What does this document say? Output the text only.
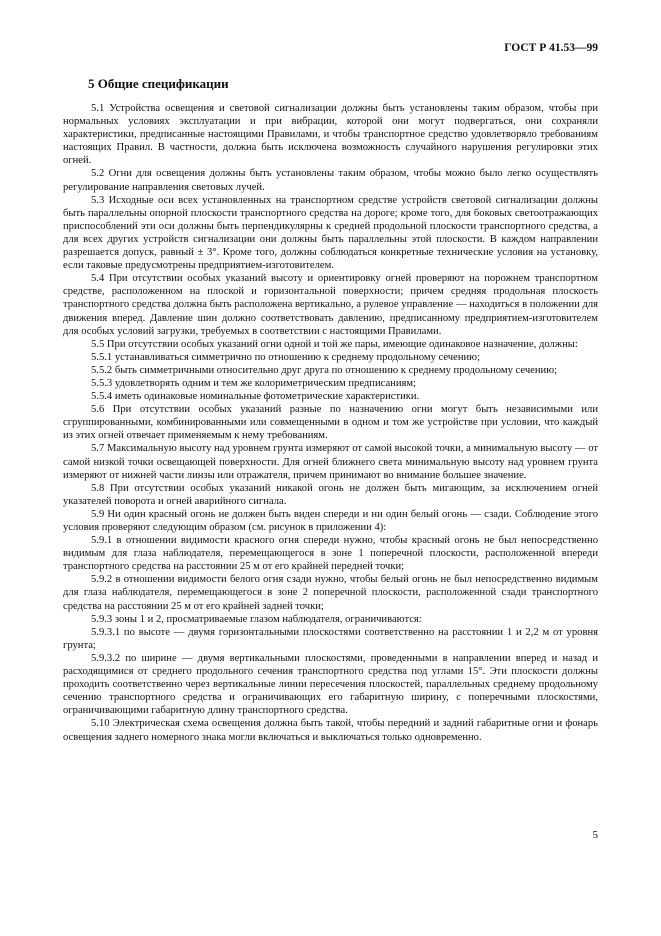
ГОСТ Р 41.53—99
5 Общие спецификации

5.1 Устройства освещения и световой сигнализации должны быть установлены таким образом, чтобы при нормальных условиях эксплуатации и при вибрации, которой они могут подвергаться, они сохраняли характеристики, предписанные настоящими Правилами, и чтобы транспортное средство удовлетворяло требованиям настоящих Правил. В частности, должна быть исключена возможность случайного нарушения регулировки этих огней.

5.2 Огни для освещения должны быть установлены таким образом, чтобы можно было легко осуществлять регулирование направления световых лучей.

5.3 Исходные оси всех установленных на транспортном средстве устройств световой сигнализации должны быть параллельны опорной плоскости транспортного средства на дороге; кроме того, для боковых светоотражающих приспособлений эти оси должны быть перпендикулярны к средней продольной плоскости транспортного средства, а для всех других устройств сигнализации они должны быть параллельны этой плоскости. В каждом направлении разрешается допуск, равный ± 3°. Кроме того, должны соблюдаться конкретные технические условия на установку, если таковые предусмотрены предприятием-изготовителем.

5.4 При отсутствии особых указаний высоту и ориентировку огней проверяют на порожнем транспортном средстве, расположенном на плоской и горизонтальной поверхности; причем средняя продольная плоскость транспортного средства должна быть расположена вертикально, а рулевое управление — находиться в положении для движения вперед. Давление шин должно соответствовать давлению, предписанному предприятием-изготовителем для особых условий загрузки, требуемых в соответствии с настоящими Правилами.

5.5 При отсутствии особых указаний огни одной и той же пары, имеющие одинаковое назначение, должны:

5.5.1 устанавливаться симметрично по отношению к среднему продольному сечению;

5.5.2 быть симметричными относительно друг друга по отношению к среднему продольному сечению;

5.5.3 удовлетворять одним и тем же колориметрическим предписаниям;

5.5.4 иметь одинаковые номинальные фотометрические характеристики.

5.6 При отсутствии особых указаний разные по назначению огни могут быть независимыми или сгруппированными, комбинированными или совмещенными в одном и том же устройстве при условии, что каждый из этих огней отвечает применяемым к нему требованиям.

5.7 Максимальную высоту над уровнем грунта измеряют от самой высокой точки, а минимальную высоту — от самой низкой точки освещающей поверхности. Для огней ближнего света минимальную высоту над уровнем грунта измеряют от нижней части линзы или отражателя, причем принимают во внимание большее значение.

5.8 При отсутствии особых указаний никакой огонь не должен быть мигающим, за исключением огней указателей поворота и огней аварийного сигнала.

5.9 Ни один красный огонь не должен быть виден спереди и ни один белый огонь — сзади. Соблюдение этого условия проверяют следующим образом (см. рисунок в приложении 4):

5.9.1 в отношении видимости красного огня спереди нужно, чтобы красный огонь не был непосредственно видимым для глаза наблюдателя, перемещающегося в зоне 1 поперечной плоскости, расположенной впереди транспортного средства на расстоянии 25 м от его крайней передней точки;

5.9.2 в отношении видимости белого огня сзади нужно, чтобы белый огонь не был непосредственно видимым для глаза наблюдателя, перемещающегося в зоне 2 поперечной плоскости, расположенной сзади транспортного средства на расстоянии 25 м от его крайней задней точки;

5.9.3 зоны 1 и 2, просматриваемые глазом наблюдателя, ограничиваются:

5.9.3.1 по высоте — двумя горизонтальными плоскостями соответственно на расстоянии 1 и 2,2 м от уровня грунта;

5.9.3.2 по ширине — двумя вертикальными плоскостями, проведенными в направлении вперед и назад и расходящимися от среднего продольного сечения транспортного средства под углами 15°. Эти плоскости должны проходить соответственно через вертикальные линии пересечения плоскостей, параллельных среднему продольному сечению транспортного средства и ограничивающих его габаритную ширину, с поперечными плоскостями, ограничивающими габаритную длину транспортного средства.

5.10 Электрическая схема освещения должна быть такой, чтобы передний и задний габаритные огни и фонарь освещения заднего номерного знака могли включаться и выключаться только одновременно.

5
